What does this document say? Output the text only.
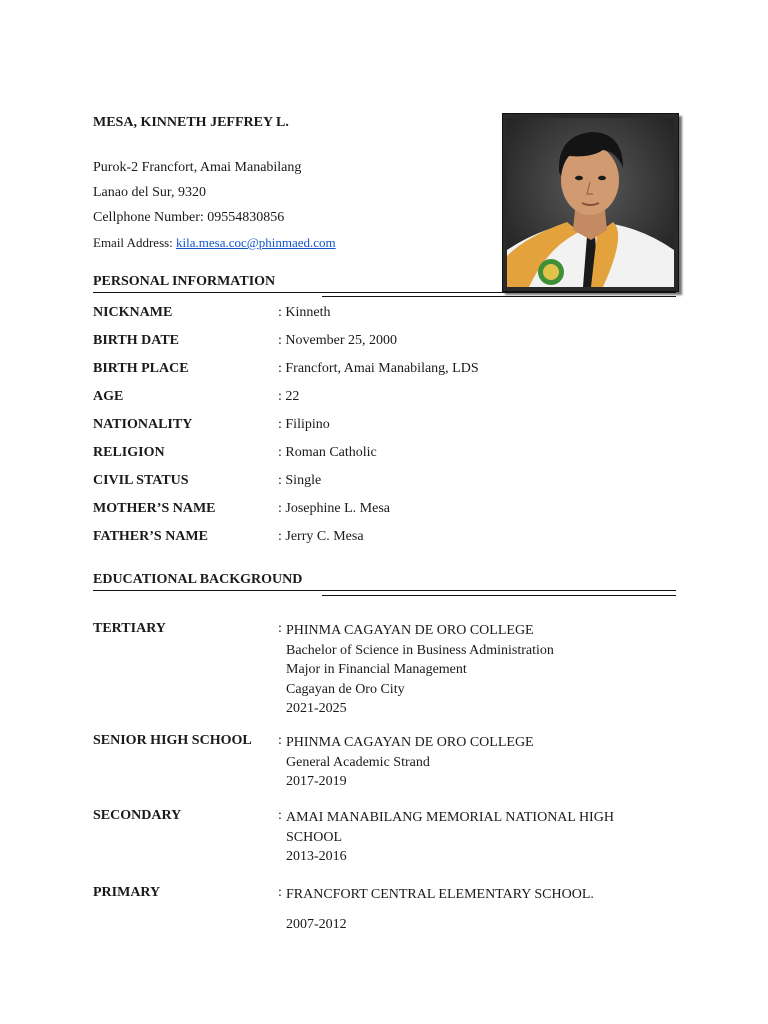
MESA, KINNETH JEFFREY L.
Purok-2 Francfort, Amai Manabilang
Lanao del Sur, 9320
Cellphone Number: 09554830856
Email Address: kila.mesa.coc@phinmaed.com
PERSONAL INFORMATION
NICKNAME	: Kinneth
BIRTH DATE	: November 25, 2000
BIRTH PLACE	: Francfort, Amai Manabilang, LDS
AGE	: 22
NATIONALITY	: Filipino
RELIGION	: Roman Catholic
CIVIL STATUS	: Single
MOTHER’S NAME	: Josephine L. Mesa
FATHER’S NAME	: Jerry C. Mesa
EDUCATIONAL BACKGROUND
TERTIARY	: PHINMA CAGAYAN DE ORO COLLEGE
Bachelor of Science in Business Administration
Major in Financial Management
Cagayan de Oro City
2021-2025
SENIOR HIGH SCHOOL : PHINMA CAGAYAN DE ORO COLLEGE
General Academic Strand
2017-2019
SECONDARY	: AMAI MANABILANG MEMORIAL NATIONAL HIGH
SCHOOL
2013-2016
PRIMARY	: FRANCFORT CENTRAL ELEMENTARY SCHOOL.
2007-2012
